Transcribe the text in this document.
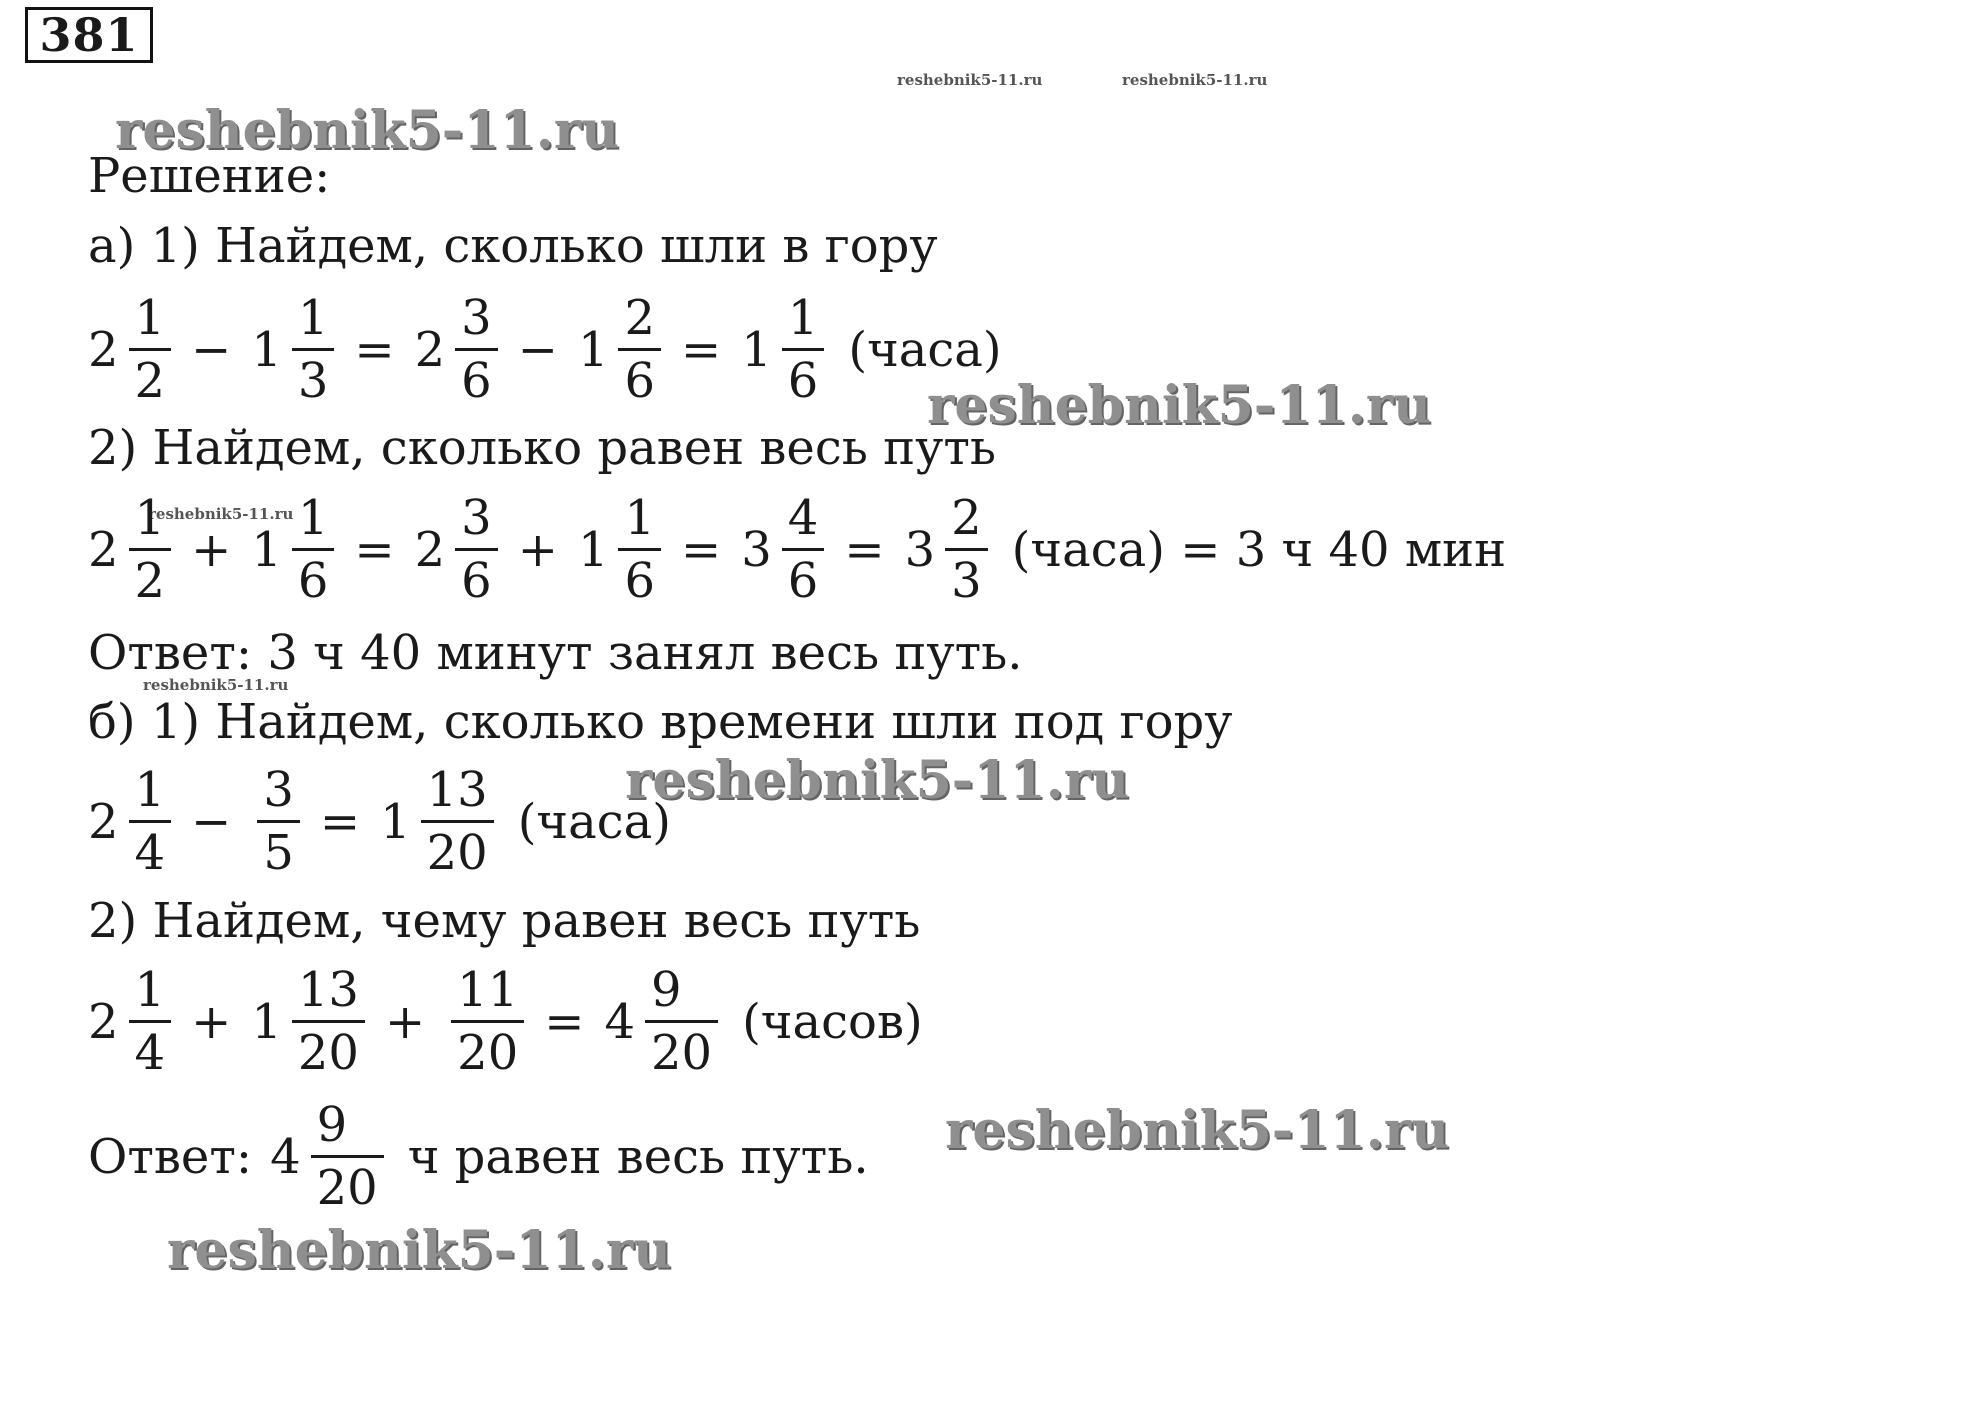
381
reshebnik5-11.ru	reshebnik5-11.ru
reshebnik5-11.ru
reshebnik5-11.ru
Решение:
а) 1) Найдем, сколько шли в гору
$2 \frac{1}{2} - 1 \frac{1}{3} = 2 \frac{3}{6} - 1 \frac{2}{6} = 1 \frac{1}{6}$ (часа)
2) Найдем, сколько равен весь путь
$2 \frac{1}{2} + 1 \frac{1}{6} = 2 \frac{3}{6} + 1 \frac{1}{6} = 3 \frac{4}{6} = 3 \frac{2}{3}$ (часа) = 3 ч 40 мин
Ответ: 3 ч 40 минут занял весь путь.
б) 1) Найдем, сколько времени шли под гору
$2 \frac{1}{4} - \frac{3}{5} = 1 \frac{13}{20}$ (часа)
2) Найдем, чему равен весь путь
$2 \frac{1}{4} + 1 \frac{13}{20} + \frac{11}{20} = 4 \frac{9}{20}$ (часов)
Ответ: $4 \frac{9}{20}$ ч равен весь путь.
reshebnik5-11.ru
reshebnik5-11.ru
reshebnik5-11.ru
reshebnik5-11.ru
reshebnik5-11.ru
